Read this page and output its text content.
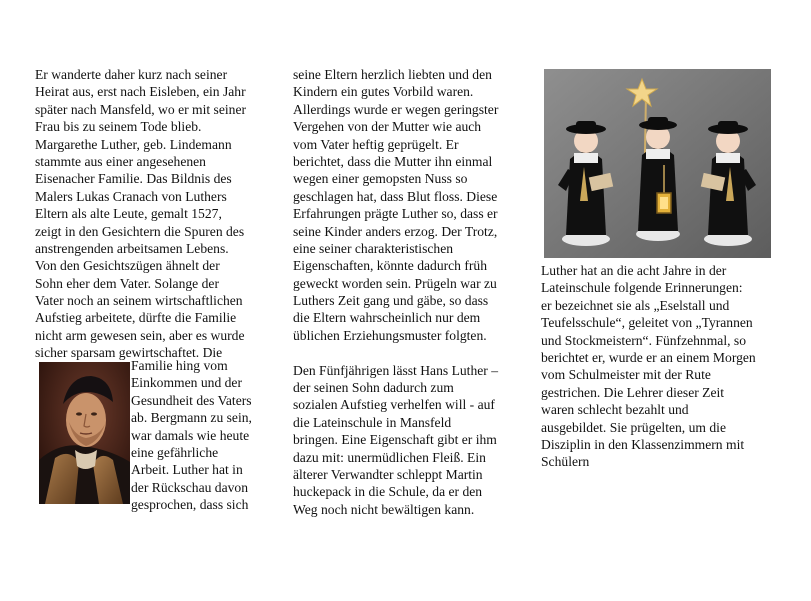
Er wanderte daher kurz nach seiner
Heirat aus, erst nach Eisleben, ein Jahr
später nach Mansfeld, wo er mit seiner
Frau bis zu seinem Tode blieb.
Margarethe Luther, geb. Lindemann
stammte aus einer angesehenen
Eisenacher Familie. Das Bildnis des
Malers Lukas Cranach von Luthers
Eltern als alte Leute, gemalt 1527,
zeigt in den Gesichtern die Spuren des
anstrengenden arbeitsamen Lebens.
Von den Gesichtszügen ähnelt der
Sohn eher dem Vater. Solange der
Vater noch an seinem wirtschaftlichen
Aufstieg arbeitete, dürfte die Familie
nicht arm gewesen sein, aber es wurde
sicher sparsam gewirtschaftet. Die
Familie hing vom
Einkommen und der
Gesundheit des Vaters
ab. Bergmann zu sein,
war damals wie heute
eine gefährliche
Arbeit. Luther hat in
der Rückschau davon
gesprochen, dass sich
seine Eltern herzlich liebten und den
Kindern ein gutes Vorbild waren.
Allerdings wurde er wegen geringster
Vergehen von der Mutter wie auch
vom Vater heftig geprügelt. Er
berichtet, dass die Mutter ihn einmal
wegen einer gemopsten Nuss so
geschlagen hat, dass Blut floss. Diese
Erfahrungen prägte Luther so, dass er
seine Kinder anders erzog. Der Trotz,
eine seiner charakteristischen
Eigenschaften, könnte dadurch früh
geweckt worden sein. Prügeln war zu
Luthers Zeit gang und gäbe, so dass
die Eltern wahrscheinlich nur dem
üblichen Erziehungsmuster folgten.
Den Fünfjährigen lässt Hans Luther –
der seinen Sohn dadurch zum
sozialen Aufstieg verhelfen will - auf
die Lateinschule in Mansfeld
bringen. Eine Eigenschaft gibt er ihm
dazu mit: unermüdlichen Fleiß. Ein
älterer Verwandter schleppt Martin
huckepack in die Schule, da er den
Weg noch nicht bewältigen kann.
Luther hat an die acht Jahre in der
Lateinschule folgende Erinnerungen:
er bezeichnet sie als „Eselstall und
Teufelsschule“, geleitet von „Tyrannen
und Stockmeistern“. Fünfzehnmal, so
berichtet er, wurde er an einem Morgen
vom Schulmeister mit der Rute
gestrichen. Die Lehrer dieser Zeit
waren schlecht bezahlt und
ausgebildet. Sie prügelten, um die
Disziplin in den Klassenzimmern mit
Schülern
